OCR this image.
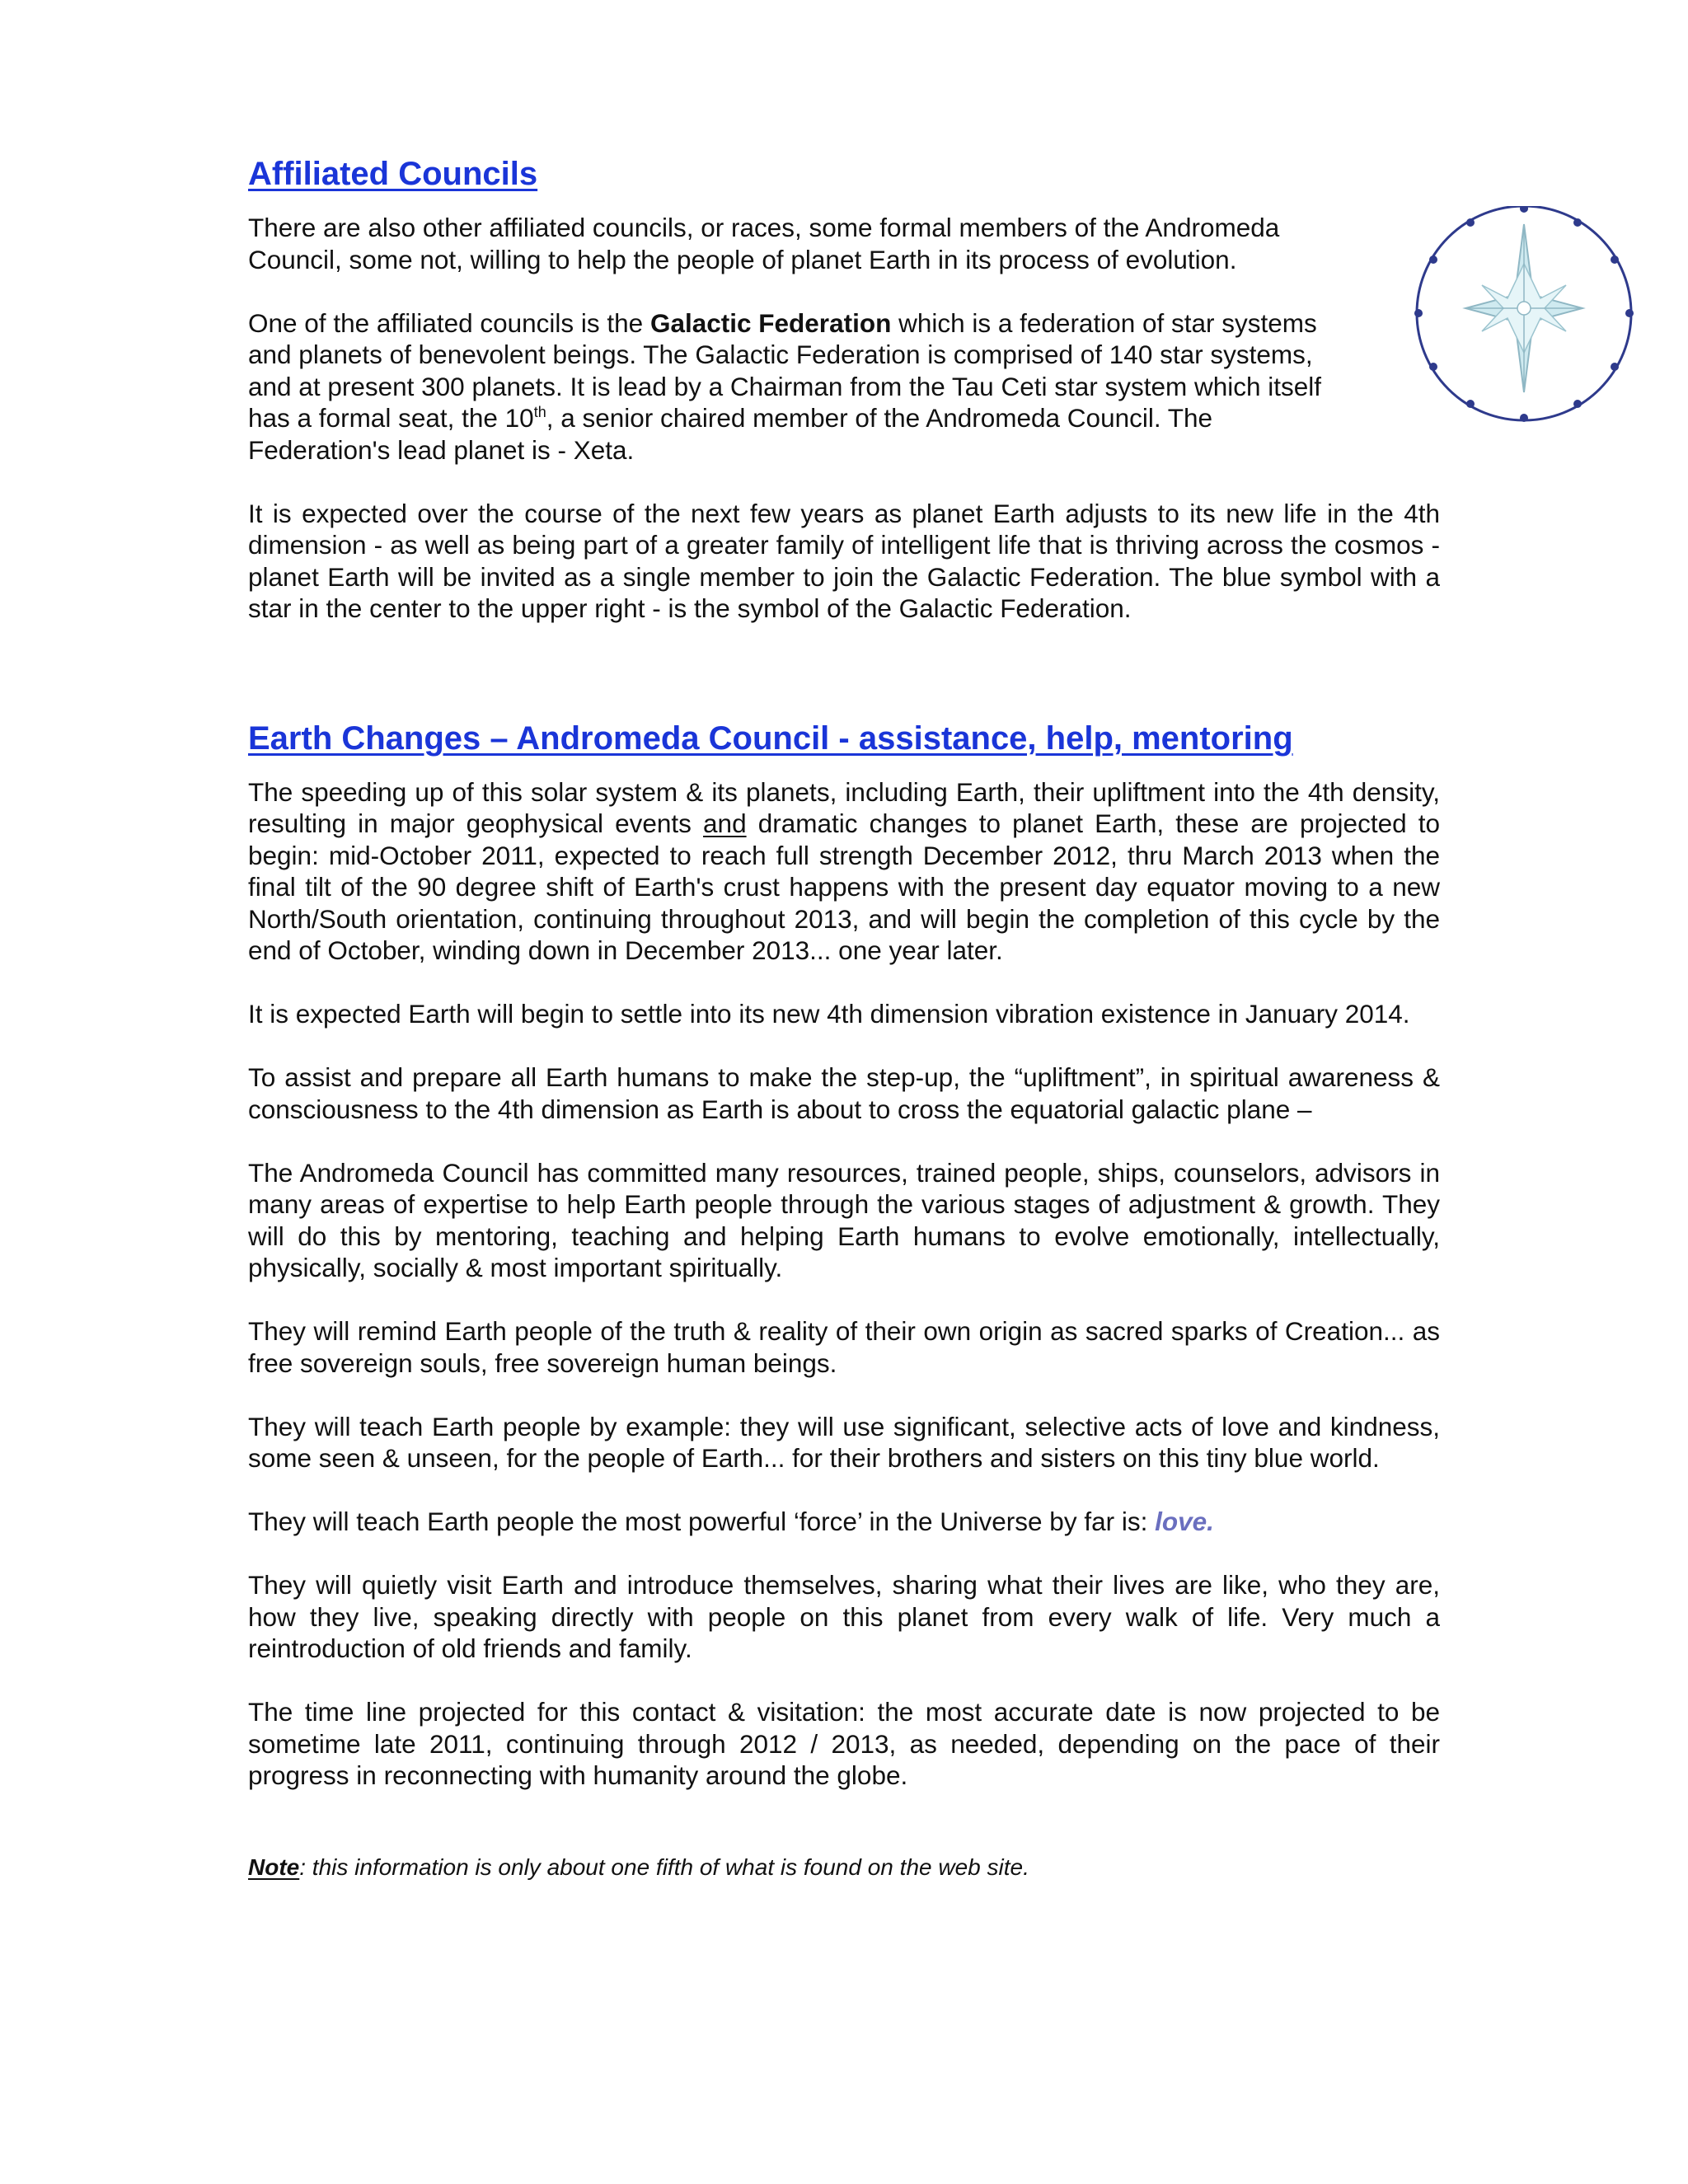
Affiliated Councils

There are also other affiliated councils, or races, some formal members of the Andromeda Council, some not, willing to help the people of planet Earth in its process of evolution.

One of the affiliated councils is the Galactic Federation which is a federation of star systems and planets of benevolent beings. The Galactic Federation is comprised of 140 star systems, and at present 300 planets. It is lead by a Chairman from the Tau Ceti star system which itself has a formal seat, the 10th, a senior chaired member of the Andromeda Council. The Federation's lead planet is - Xeta.

It is expected over the course of the next few years as planet Earth adjusts to its new life in the 4th dimension - as well as being part of a greater family of intelligent life that is thriving across the cosmos - planet Earth will be invited as a single member to join the Galactic Federation. The blue symbol with a star in the center to the upper right - is the symbol of the Galactic Federation.

Earth Changes – Andromeda Council - assistance, help, mentoring

The speeding up of this solar system & its planets, including Earth, their upliftment into the 4th density, resulting in major geophysical events and dramatic changes to planet Earth, these are projected to begin: mid-October 2011, expected to reach full strength December 2012, thru March 2013 when the final tilt of the 90 degree shift of Earth's crust happens with the present day equator moving to a new North/South orientation, continuing throughout 2013, and will begin the completion of this cycle by the end of October, winding down in December 2013... one year later.

It is expected Earth will begin to settle into its new 4th dimension vibration existence in January 2014.

To assist and prepare all Earth humans to make the step-up, the “upliftment”, in spiritual awareness & consciousness to the 4th dimension as Earth is about to cross the equatorial galactic plane –

The Andromeda Council has committed many resources, trained people, ships, counselors, advisors in many areas of expertise to help Earth people through the various stages of adjustment & growth. They will do this by mentoring, teaching and helping Earth humans to evolve emotionally, intellectually, physically, socially & most important spiritually.

They will remind Earth people of the truth & reality of their own origin as sacred sparks of Creation... as free sovereign souls, free sovereign human beings.

They will teach Earth people by example: they will use significant, selective acts of love and kindness, some seen & unseen, for the people of Earth... for their brothers and sisters on this tiny blue world.

They will teach Earth people the most powerful ‘force’ in the Universe by far is: love.

They will quietly visit Earth and introduce themselves, sharing what their lives are like, who they are, how they live, speaking directly with people on this planet from every walk of life. Very much a reintroduction of old friends and family.

The time line projected for this contact & visitation: the most accurate date is now projected to be sometime late 2011, continuing through 2012 / 2013, as needed, depending on the pace of their progress in reconnecting with humanity around the globe.

Note: this information is only about one fifth of what is found on the web site.
